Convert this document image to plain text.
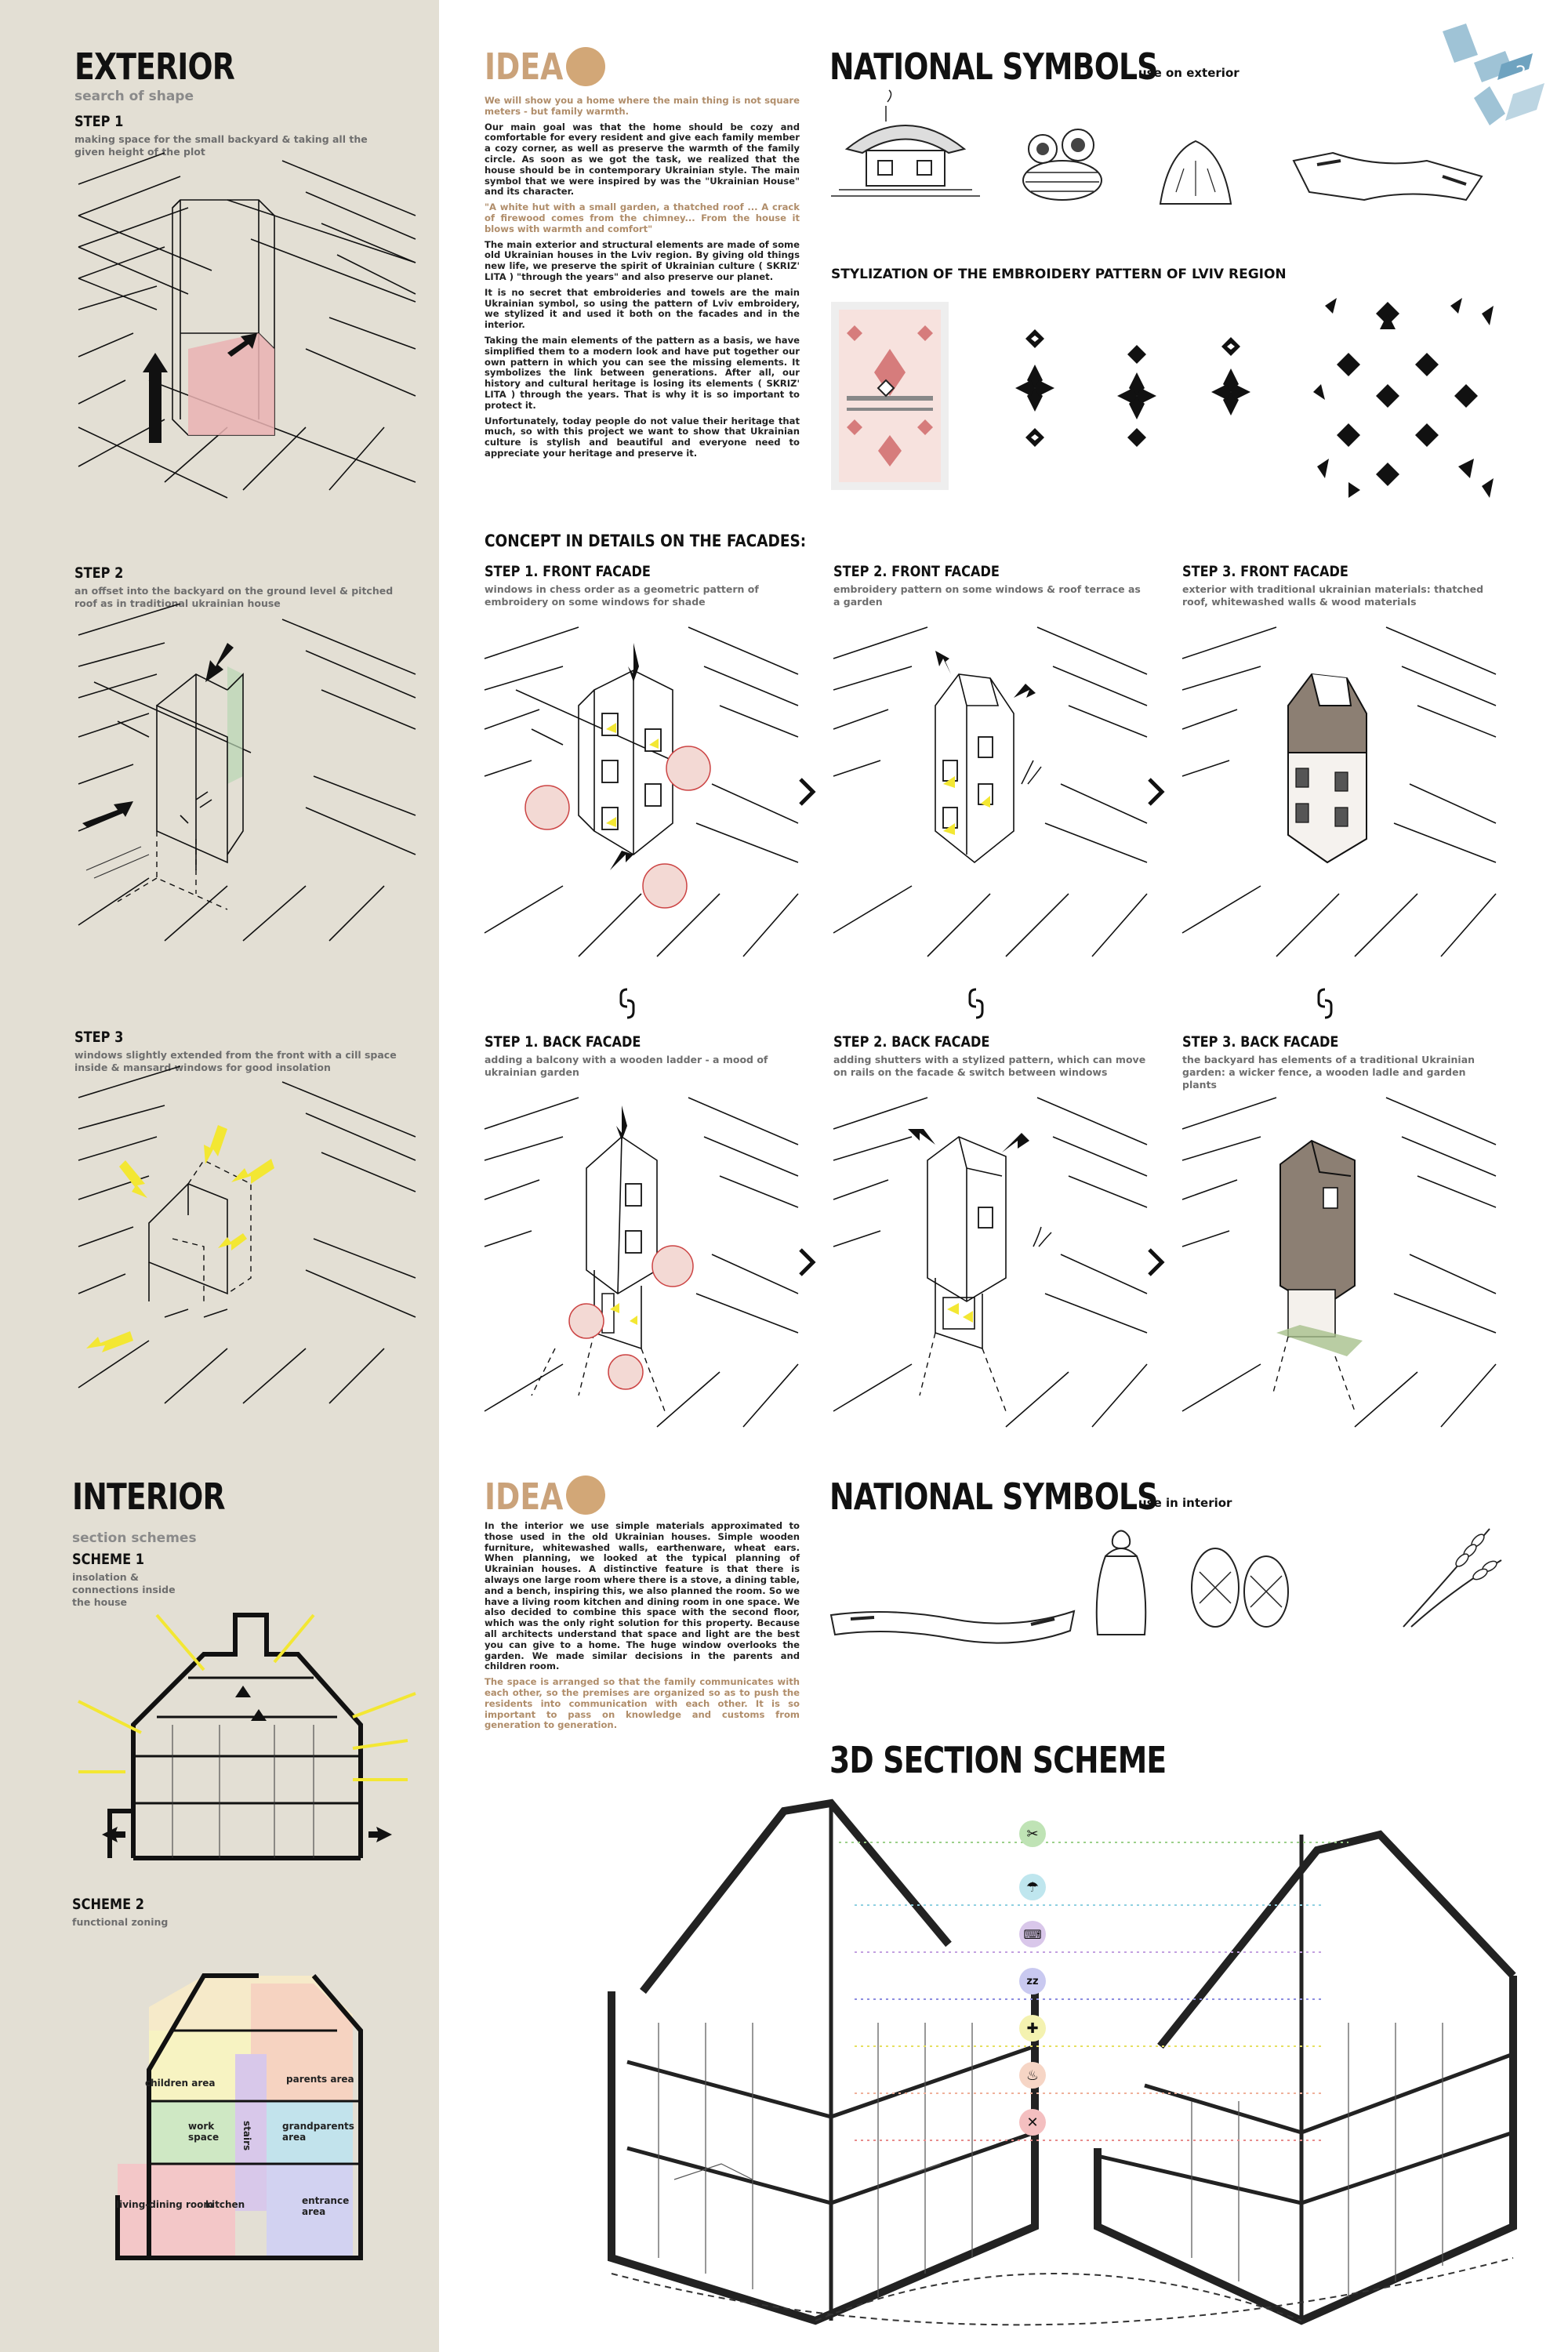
EXTERIOR
search of shape
STEP 1
making space for the small backyard & taking all the given height of the plot
STEP 2
an offset into the backyard on the ground level & pitched roof as in traditional ukrainian house
STEP 3
windows slightly extended from the front with a cill space inside & mansard windows for good insolation
IDEA

We will show you a home where the main thing is not square meters - but family warmth.

Our main goal was that the home should be cozy and comfortable for every resident and give each family member a cozy corner, as well as preserve the warmth of the family circle. As soon as we got the task, we realized that the house should be in contemporary Ukrainian style. The main symbol that we were inspired by was the "Ukrainian House" and its character.

"A white hut with a small garden, a thatched roof ... A crack of firewood comes from the chimney... From the house it blows with warmth and comfort"

The main exterior and structural elements are made of some old Ukrainian houses in the Lviv region. By giving old things new life, we preserve the spirit of Ukrainian culture ( SKRIZ' LITA ) "through the years" and also preserve our planet.

It is no secret that embroideries and towels are the main Ukrainian symbol, so using the pattern of Lviv embroidery, we stylized it and used it both on the facades and in the interior.

Taking the main elements of the pattern as a basis, we have simplified them to a modern look and have put together our own pattern in which you can see the missing elements. It symbolizes the link between generations. After all, our history and cultural heritage is losing its elements ( SKRIZ' LITA ) through the years. That is why it is so important to protect it.

Unfortunately, today people do not value their heritage that much, so with this project we want to show that Ukrainian culture is stylish and beautiful and everyone need to appreciate your heritage and preserve it.

NATIONAL SYMBOLS
use on exterior	2
STYLIZATION OF THE EMBROIDERY PATTERN OF LVIV REGION
CONCEPT IN DETAILS ON THE FACADES:
STEP 1. FRONT FACADE
windows in chess order as a geometric pattern of embroidery on some windows for shade
STEP 2. FRONT FACADE
embroidery pattern on some windows & roof terrace as a garden
STEP 3. FRONT FACADE
exterior with traditional ukrainian materials: thatched roof, whitewashed walls & wood materials
STEP 1. BACK FACADE
adding a balcony with a wooden ladder - a mood of ukrainian garden
STEP 2. BACK FACADE
adding shutters with a stylized pattern, which can move on rails on the facade & switch between windows
STEP 3. BACK FACADE
the backyard has elements of a traditional Ukrainian garden: a wicker fence, a wooden ladle and garden plants
INTERIOR
section schemes
SCHEME 1
insolation & connections inside the house
SCHEME 2
functional zoning
children area	parents area
work space	stairs	grandparents area
living-dining room
kitchen	entrance area
IDEA

In the interior we use simple materials approximated to those used in the old Ukrainian houses. Simple wooden furniture, whitewashed walls, earthenware, wheat ears. When planning, we looked at the typical planning of Ukrainian houses. A distinctive feature is that there is always one large room where there is a stove, a dining table, and a bench, inspiring this, we also planned the room. So we have a living room kitchen and dining room in one space. We also decided to combine this space with the second floor, which was the only right solution for this property. Because all architects understand that space and light are the best you can give to a home. The huge window overlooks the garden. We made similar decisions in the parents and children room.

The space is arranged so that the family communicates with each other, so the premises are organized so as to push the residents into communication with each other. It is so important to pass on knowledge and customs from generation to generation.

NATIONAL SYMBOLS
use in interior
3D SECTION SCHEME
✂
☂
⌨
zz
✚
♨
✕
